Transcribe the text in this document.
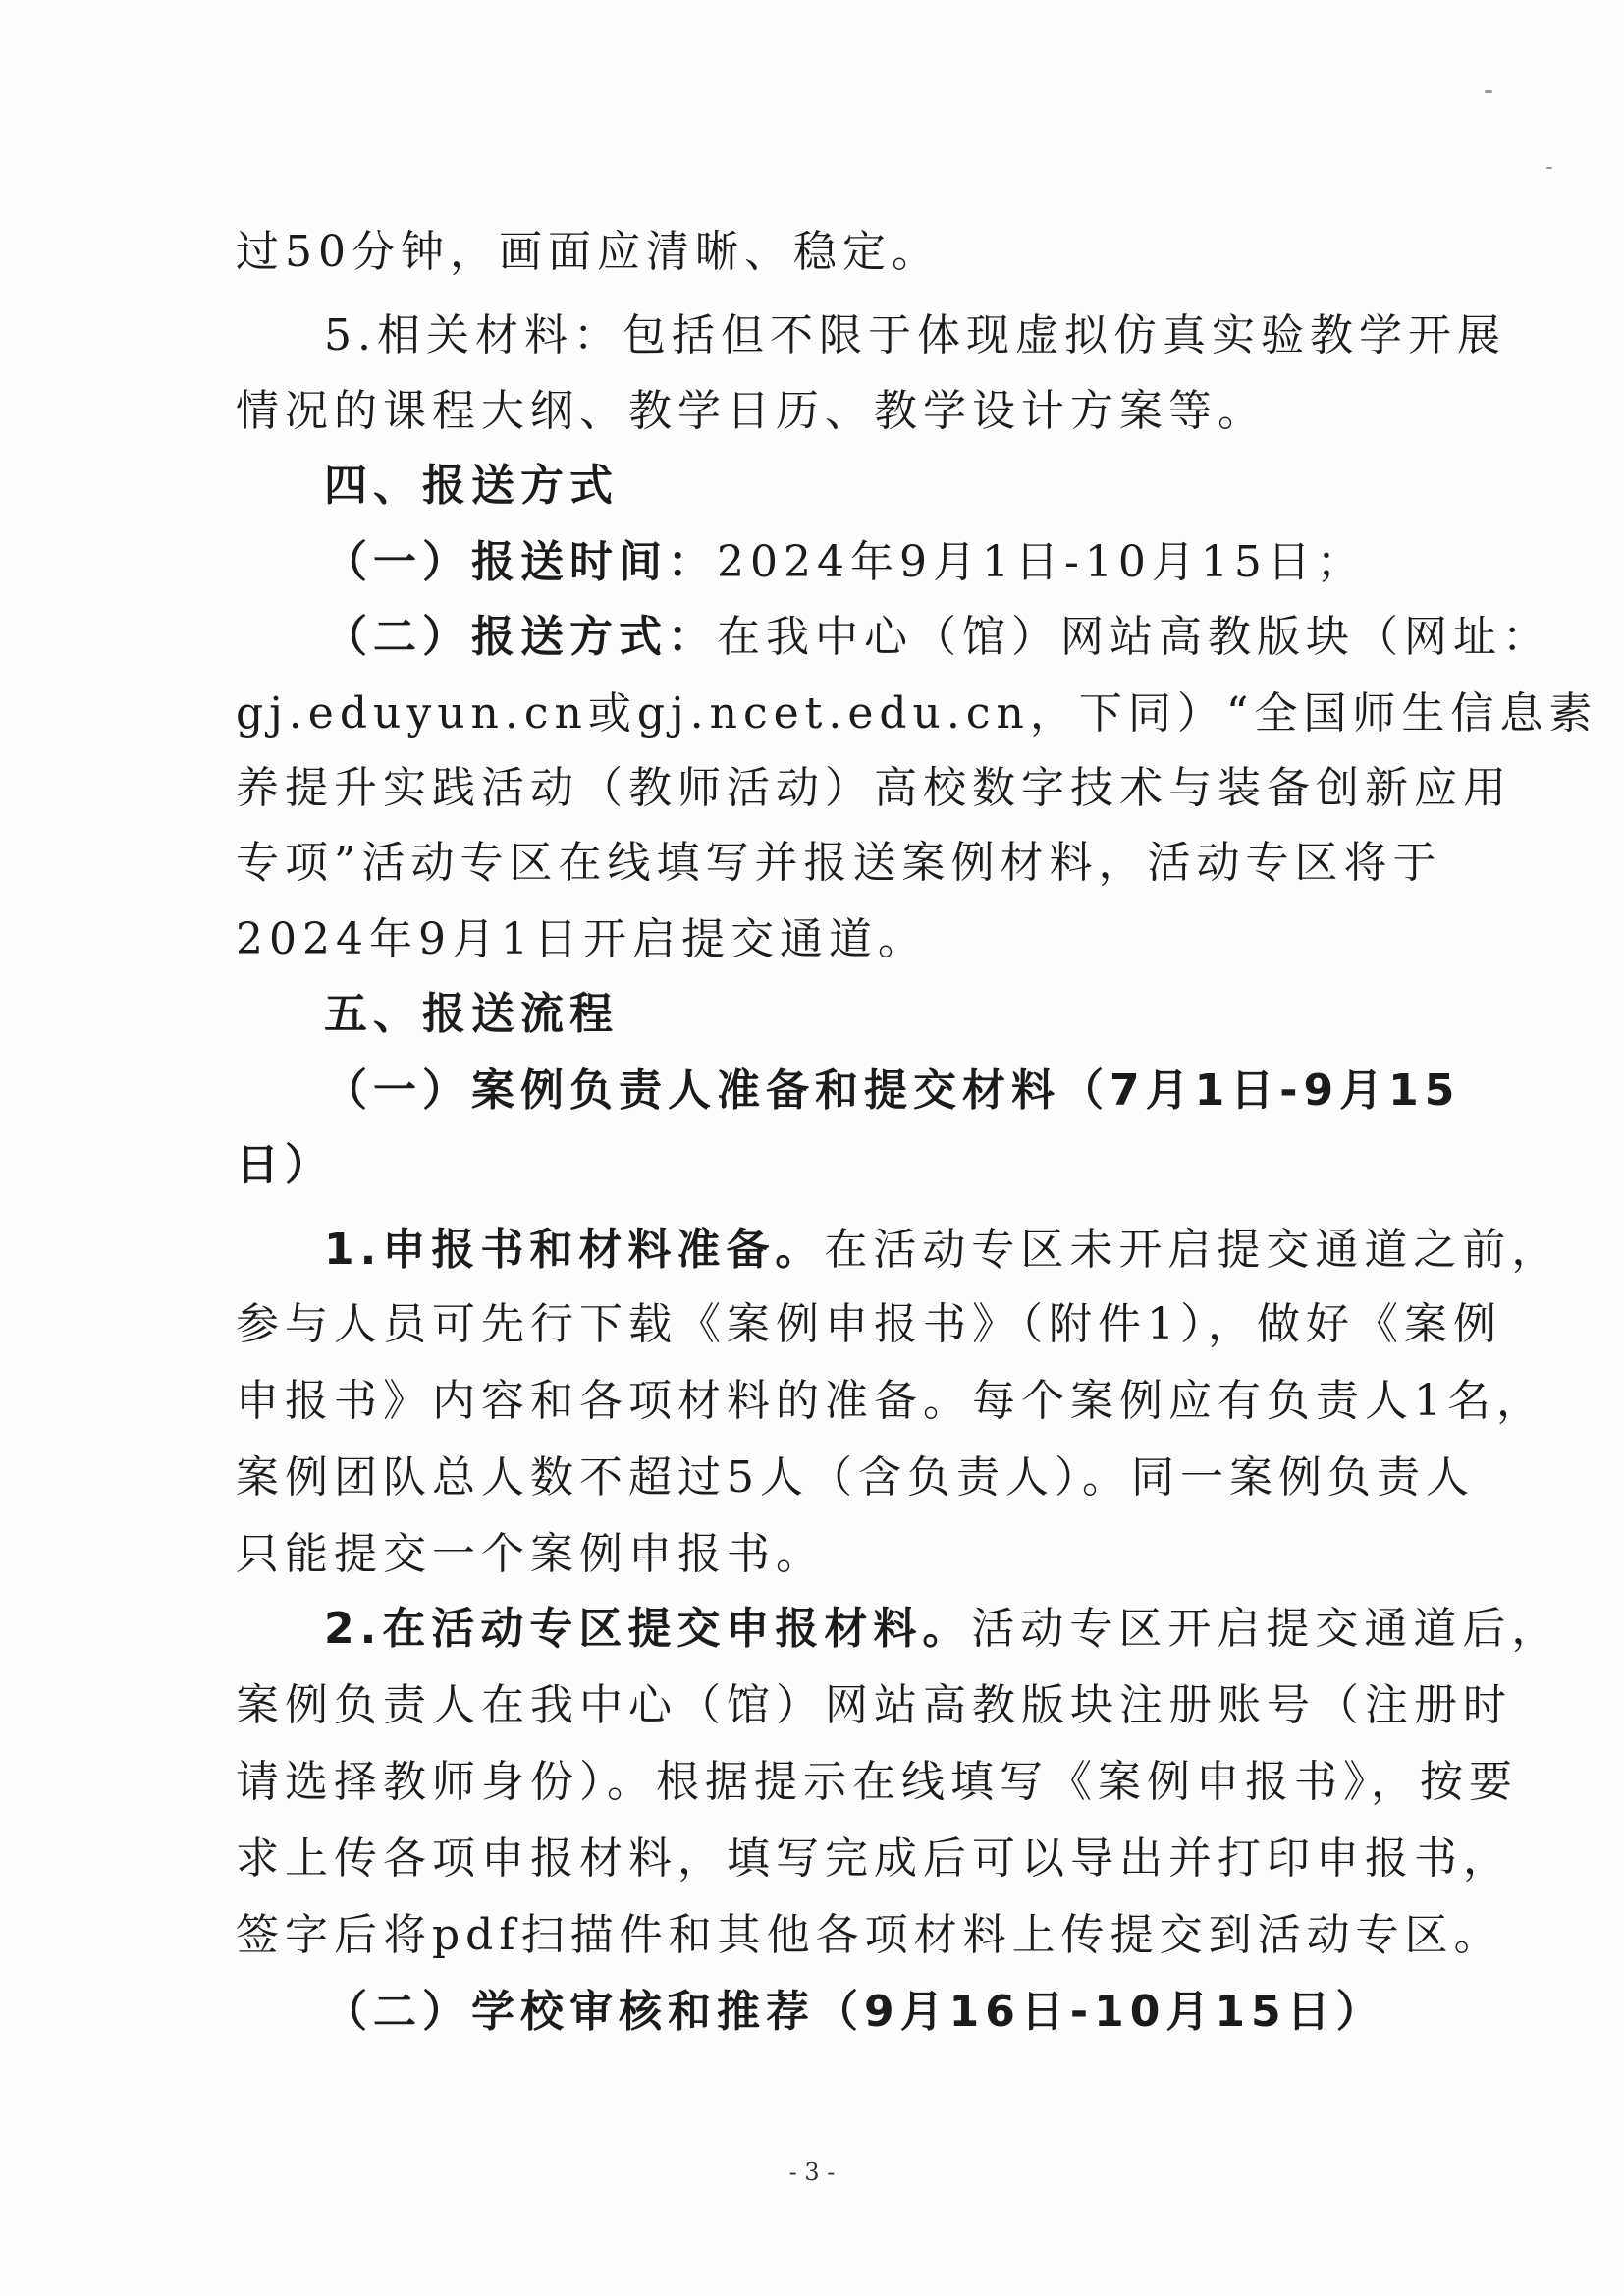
过50分钟，画面应清晰、稳定。
5.相关材料：包括但不限于体现虚拟仿真实验教学开展
情况的课程大纲、教学日历、教学设计方案等。
四、报送方式
（一）报送时间：2024年9月1日-10月15日；
（二）报送方式：在我中心（馆）网站高教版块（网址：
gj.eduyun.cn或gj.ncet.edu.cn，下同）“全国师生信息素
养提升实践活动（教师活动）高校数字技术与装备创新应用
专项”活动专区在线填写并报送案例材料，活动专区将于
2024年9月1日开启提交通道。
五、报送流程
（一）案例负责人准备和提交材料（7月1日-9月15
日）
1.申报书和材料准备。在活动专区未开启提交通道之前，
参与人员可先行下载《案例申报书》（附件1），做好《案例
申报书》内容和各项材料的准备。每个案例应有负责人1名，
案例团队总人数不超过5人（含负责人）。同一案例负责人
只能提交一个案例申报书。
2.在活动专区提交申报材料。活动专区开启提交通道后，
案例负责人在我中心（馆）网站高教版块注册账号（注册时
请选择教师身份）。根据提示在线填写《案例申报书》，按要
求上传各项申报材料，填写完成后可以导出并打印申报书，
签字后将pdf扫描件和其他各项材料上传提交到活动专区。
（二）学校审核和推荐（9月16日-10月15日）
- 3 -
